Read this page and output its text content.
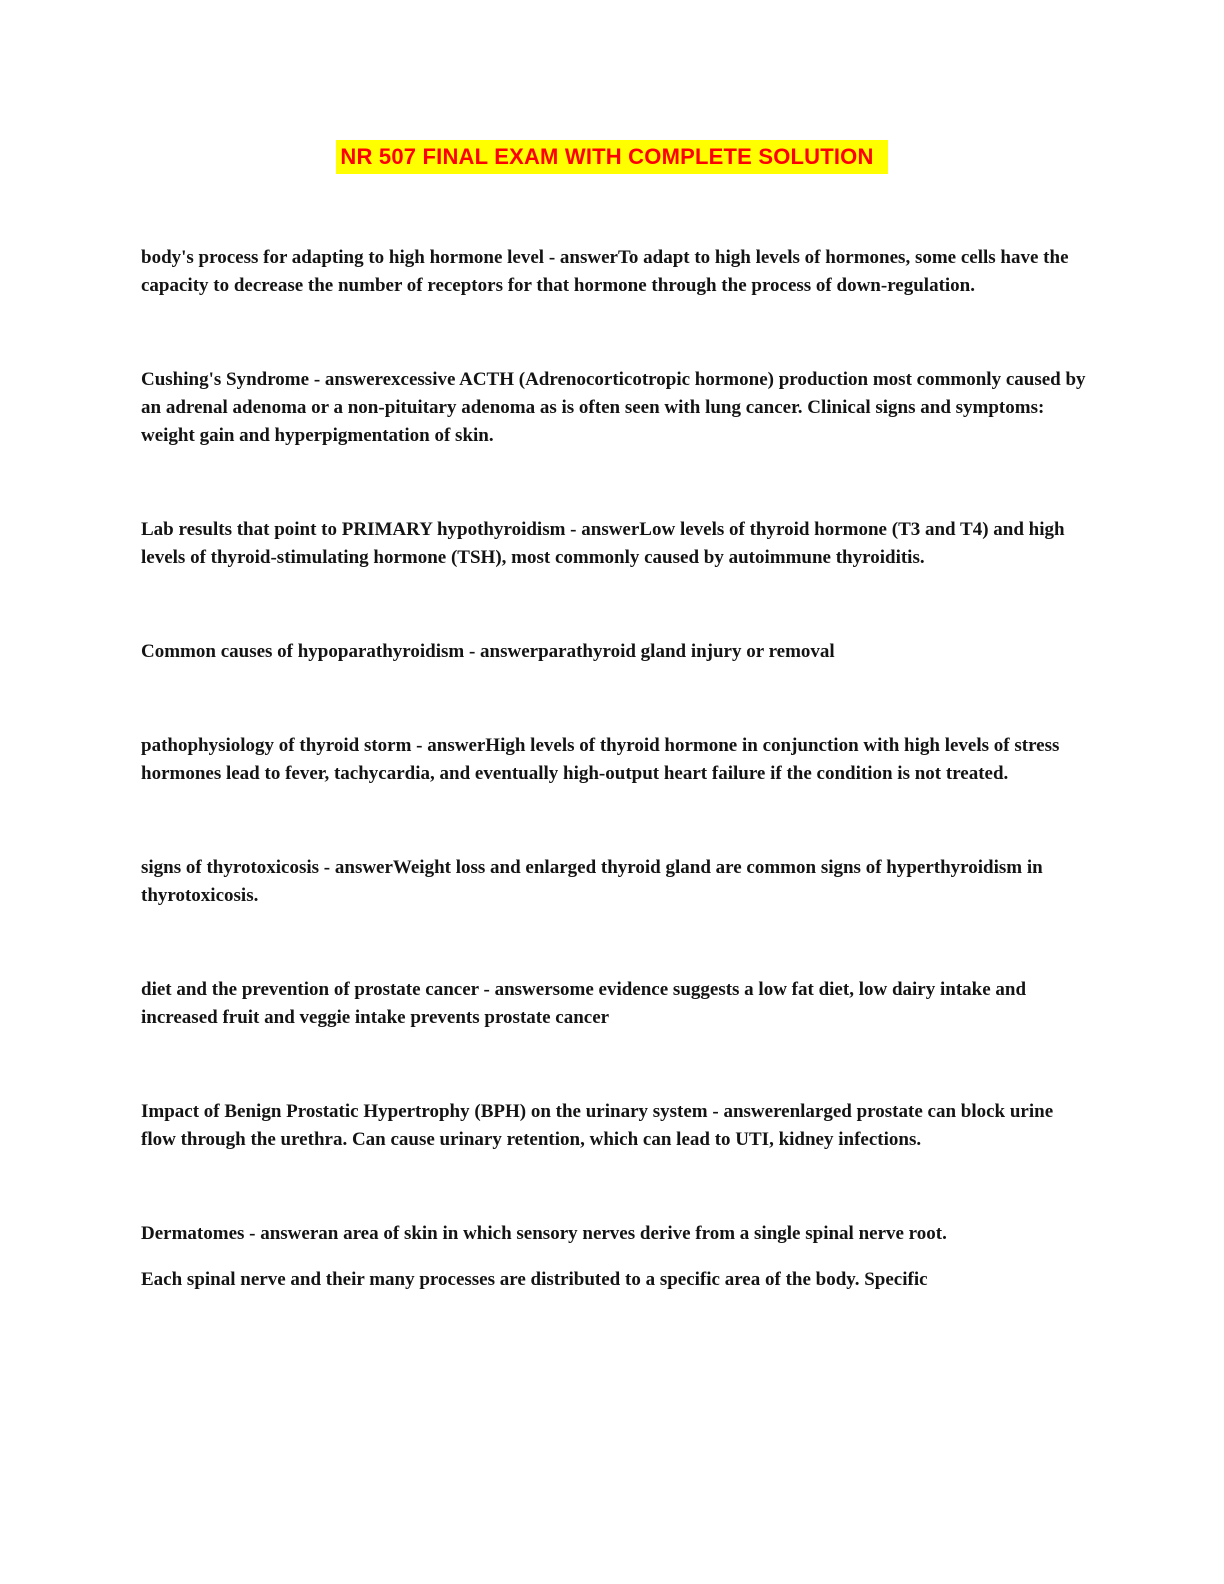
NR 507 FINAL EXAM WITH COMPLETE SOLUTION

body's process for adapting to high hormone level - answerTo adapt to high levels of hormones, some cells have the capacity to decrease the number of receptors for that hormone through the process of down-regulation.

Cushing's Syndrome - answerexcessive ACTH (Adrenocorticotropic hormone) production most commonly caused by an adrenal adenoma or a non-pituitary adenoma as is often seen with lung cancer. Clinical signs and symptoms: weight gain and hyperpigmentation of skin.

Lab results that point to PRIMARY hypothyroidism - answerLow levels of thyroid hormone (T3 and T4) and high levels of thyroid-stimulating hormone (TSH), most commonly caused by autoimmune thyroiditis.

Common causes of hypoparathyroidism - answerparathyroid gland injury or removal

pathophysiology of thyroid storm - answerHigh levels of thyroid hormone in conjunction with high levels of stress hormones lead to fever, tachycardia, and eventually high-output heart failure if the condition is not treated.

signs of thyrotoxicosis - answerWeight loss and enlarged thyroid gland are common signs of hyperthyroidism in thyrotoxicosis.

diet and the prevention of prostate cancer - answersome evidence suggests a low fat diet, low dairy intake and increased fruit and veggie intake prevents prostate cancer

Impact of Benign Prostatic Hypertrophy (BPH) on the urinary system - answerenlarged prostate can block urine flow through the urethra. Can cause urinary retention, which can lead to UTI, kidney infections.

Dermatomes - answeran area of skin in which sensory nerves derive from a single spinal nerve root.

Each spinal nerve and their many processes are distributed to a specific area of the body. Specific
